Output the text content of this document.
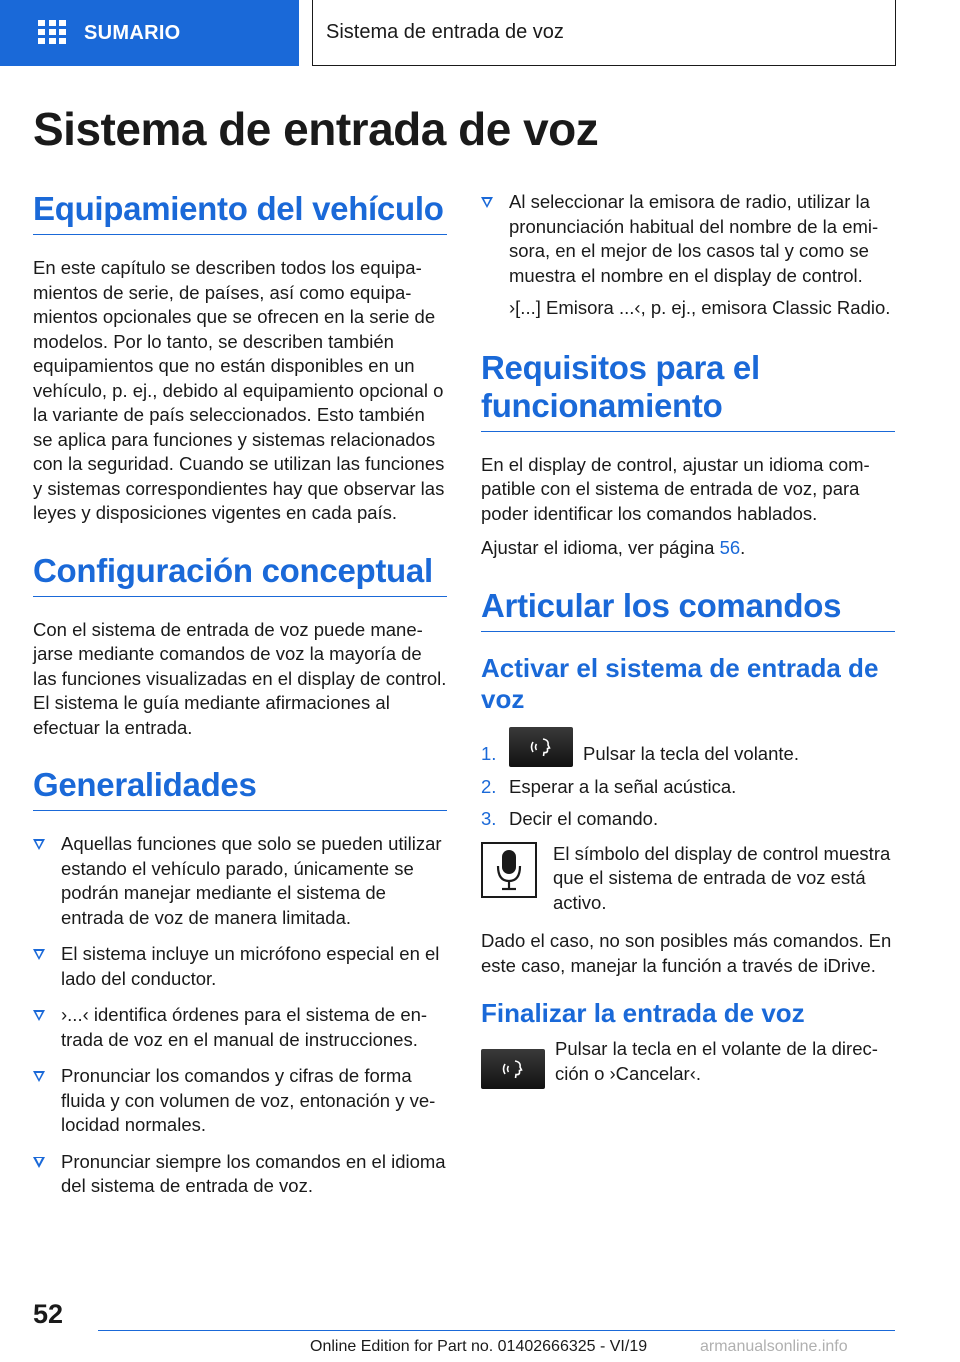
SUMARIO	Sistema de entrada de voz
Sistema de entrada de voz
Equipamiento del vehículo

En este capítulo se describen todos los equipamientos de serie, de países, así como equipamientos opcionales que se ofrecen en la serie de modelos. Por lo tanto, se describen también equipamientos que no están disponibles en un vehículo, p. ej., debido al equipamiento opcional o la variante de país seleccionados. Esto también se aplica para funciones y sistemas relacionados con la seguridad. Cuando se utilizan las funciones y sistemas correspondientes hay que observar las leyes y disposiciones vigentes en cada país.

Configuración conceptual

Con el sistema de entrada de voz puede manejarse mediante comandos de voz la mayoría de las funciones visualizadas en el display de control. El sistema le guía mediante afirmaciones al efectuar la entrada.

Generalidades
Aquellas funciones que solo se pueden utilizar estando el vehículo parado, únicamente se podrán manejar mediante el sistema de entrada de voz de manera limitada.
El sistema incluye un micrófono especial en el lado del conductor.
›...‹ identifica órdenes para el sistema de entrada de voz en el manual de instrucciones.
Pronunciar los comandos y cifras de forma fluida y con volumen de voz, entonación y velocidad normales.
Pronunciar siempre los comandos en el idioma del sistema de entrada de voz.
Al seleccionar la emisora de radio, utilizar la pronunciación habitual del nombre de la emisora, en el mejor de los casos tal y como se muestra el nombre en el display de control.

›[...] Emisora ...‹, p. ej., emisora Classic Radio.

Requisitos para el funcionamiento

En el display de control, ajustar un idioma compatible con el sistema de entrada de voz, para poder identificar los comandos hablados.

Ajustar el idioma, ver página 56.

Articular los comandos
Activar el sistema de entrada de voz
1.	Pulsar la tecla del volante.
2. Esperar a la señal acústica.
3. Decir el comando.

El símbolo del display de control muestra que el sistema de entrada de voz está activo.

Dado el caso, no son posibles más comandos. En este caso, manejar la función a través de iDrive.

Finalizar la entrada de voz

Pulsar la tecla en el volante de la dirección o ›Cancelar‹.

52
Online Edition for Part no. 01402666325 - VI/19	armanualsonline.info
